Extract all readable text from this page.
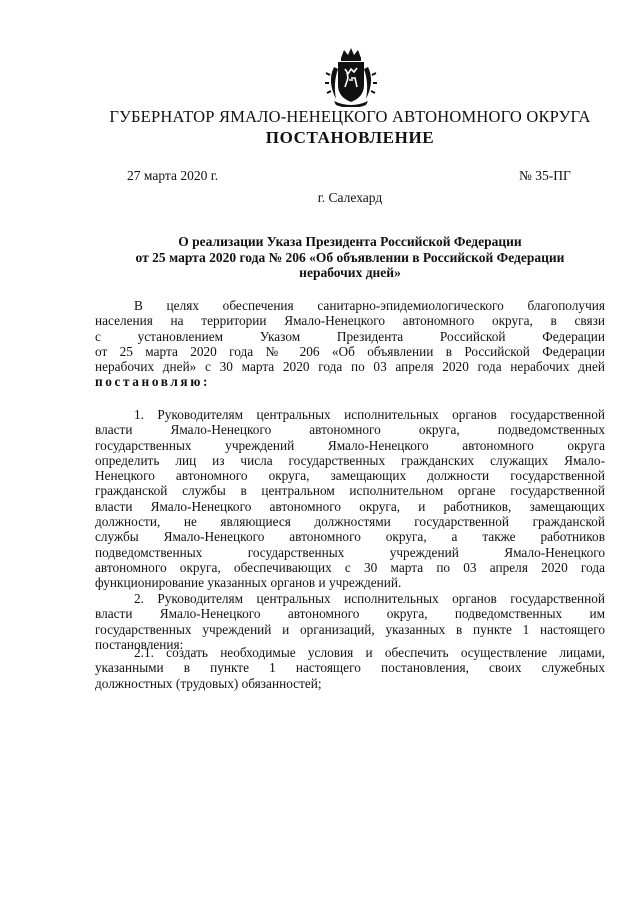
ГУБЕРНАТОР ЯМАЛО-НЕНЕЦКОГО АВТОНОМНОГО ОКРУГА
ПОСТАНОВЛЕНИЕ
27 марта 2020 г.	№ 35-ПГ
г. Салехард
О реализации Указа Президента Российской Федерации
от 25 марта 2020 года № 206 «Об объявлении в Российской Федерации
нерабочих дней»
В целях обеспечения санитарно-эпидемиологического благополучия
населения на территории Ямало-Ненецкого автономного округа, в связи
с установлением Указом Президента Российской Федерации
от 25 марта 2020 года № 206 «Об объявлении в Российской Федерации
нерабочих дней» с 30 марта 2020 года по 03 апреля 2020 года нерабочих дней
постановляю:
1. Руководителям центральных исполнительных органов государственной
власти Ямало-Ненецкого автономного округа, подведомственных
государственных учреждений Ямало-Ненецкого автономного округа
определить лиц из числа государственных гражданских служащих Ямало-
Ненецкого автономного округа, замещающих должности государственной
гражданской службы в центральном исполнительном органе государственной
власти Ямало-Ненецкого автономного округа, и работников, замещающих
должности, не являющиеся должностями государственной гражданской
службы Ямало-Ненецкого автономного округа, а также работников
подведомственных государственных учреждений Ямало-Ненецкого
автономного округа, обеспечивающих с 30 марта по 03 апреля 2020 года
функционирование указанных органов и учреждений.
2. Руководителям центральных исполнительных органов государственной
власти Ямало-Ненецкого автономного округа, подведомственных им
государственных учреждений и организаций, указанных в пункте 1 настоящего
постановления:
2.1. создать необходимые условия и обеспечить осуществление лицами,
указанными в пункте 1 настоящего постановления, своих служебных
должностных (трудовых) обязанностей;
